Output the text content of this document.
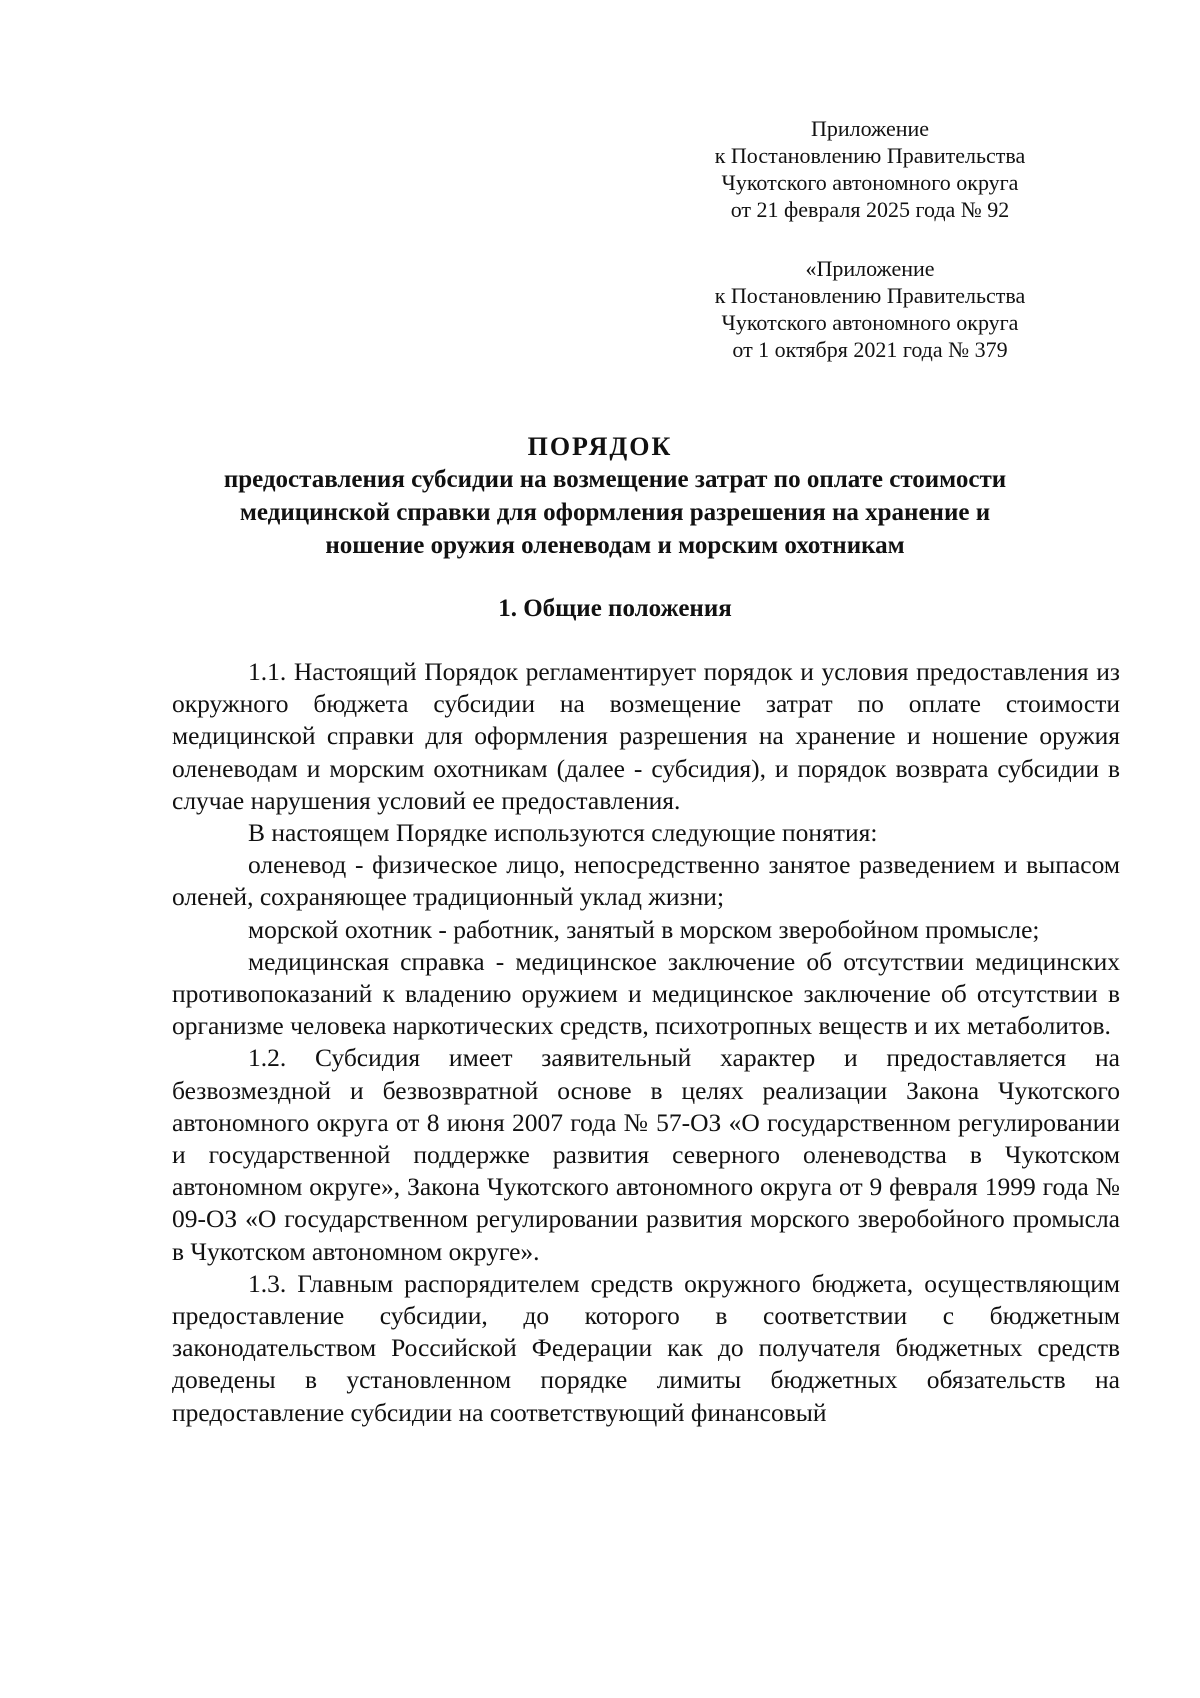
Приложение
к Постановлению Правительства
Чукотского автономного округа
от 21 февраля 2025 года № 92
«Приложение
к Постановлению Правительства
Чукотского автономного округа
от 1 октября 2021 года № 379
ПОРЯДОК
предоставления субсидии на возмещение затрат по оплате стоимости
медицинской справки для оформления разрешения на хранение и
ношение оружия оленеводам и морским охотникам
1. Общие положения

1.1. Настоящий Порядок регламентирует порядок и условия предоставления из окружного бюджета субсидии на возмещение затрат по оплате стоимости медицинской справки для оформления разрешения на хранение и ношение оружия оленеводам и морским охотникам (далее - субсидия), и порядок возврата субсидии в случае нарушения условий ее предоставления.

В настоящем Порядке используются следующие понятия:

оленевод - физическое лицо, непосредственно занятое разведением и выпасом оленей, сохраняющее традиционный уклад жизни;

морской охотник - работник, занятый в морском зверобойном промысле;

медицинская справка - медицинское заключение об отсутствии медицинских противопоказаний к владению оружием и медицинское заключение об отсутствии в организме человека наркотических средств, психотропных веществ и их метаболитов.

1.2. Субсидия имеет заявительный характер и предоставляется на безвозмездной и безвозвратной основе в целях реализации Закона Чукотского автономного округа от 8 июня 2007 года № 57-ОЗ «О государственном регулировании и государственной поддержке развития северного оленеводства в Чукотском автономном округе», Закона Чукотского автономного округа от 9 февраля 1999 года № 09-ОЗ «О государственном регулировании развития морского зверобойного промысла в Чукотском автономном округе».

1.3. Главным распорядителем средств окружного бюджета, осуществляющим предоставление субсидии, до которого в соответствии с бюджетным законодательством Российской Федерации как до получателя бюджетных средств доведены в установленном порядке лимиты бюджетных обязательств на предоставление субсидии на соответствующий финансовый
